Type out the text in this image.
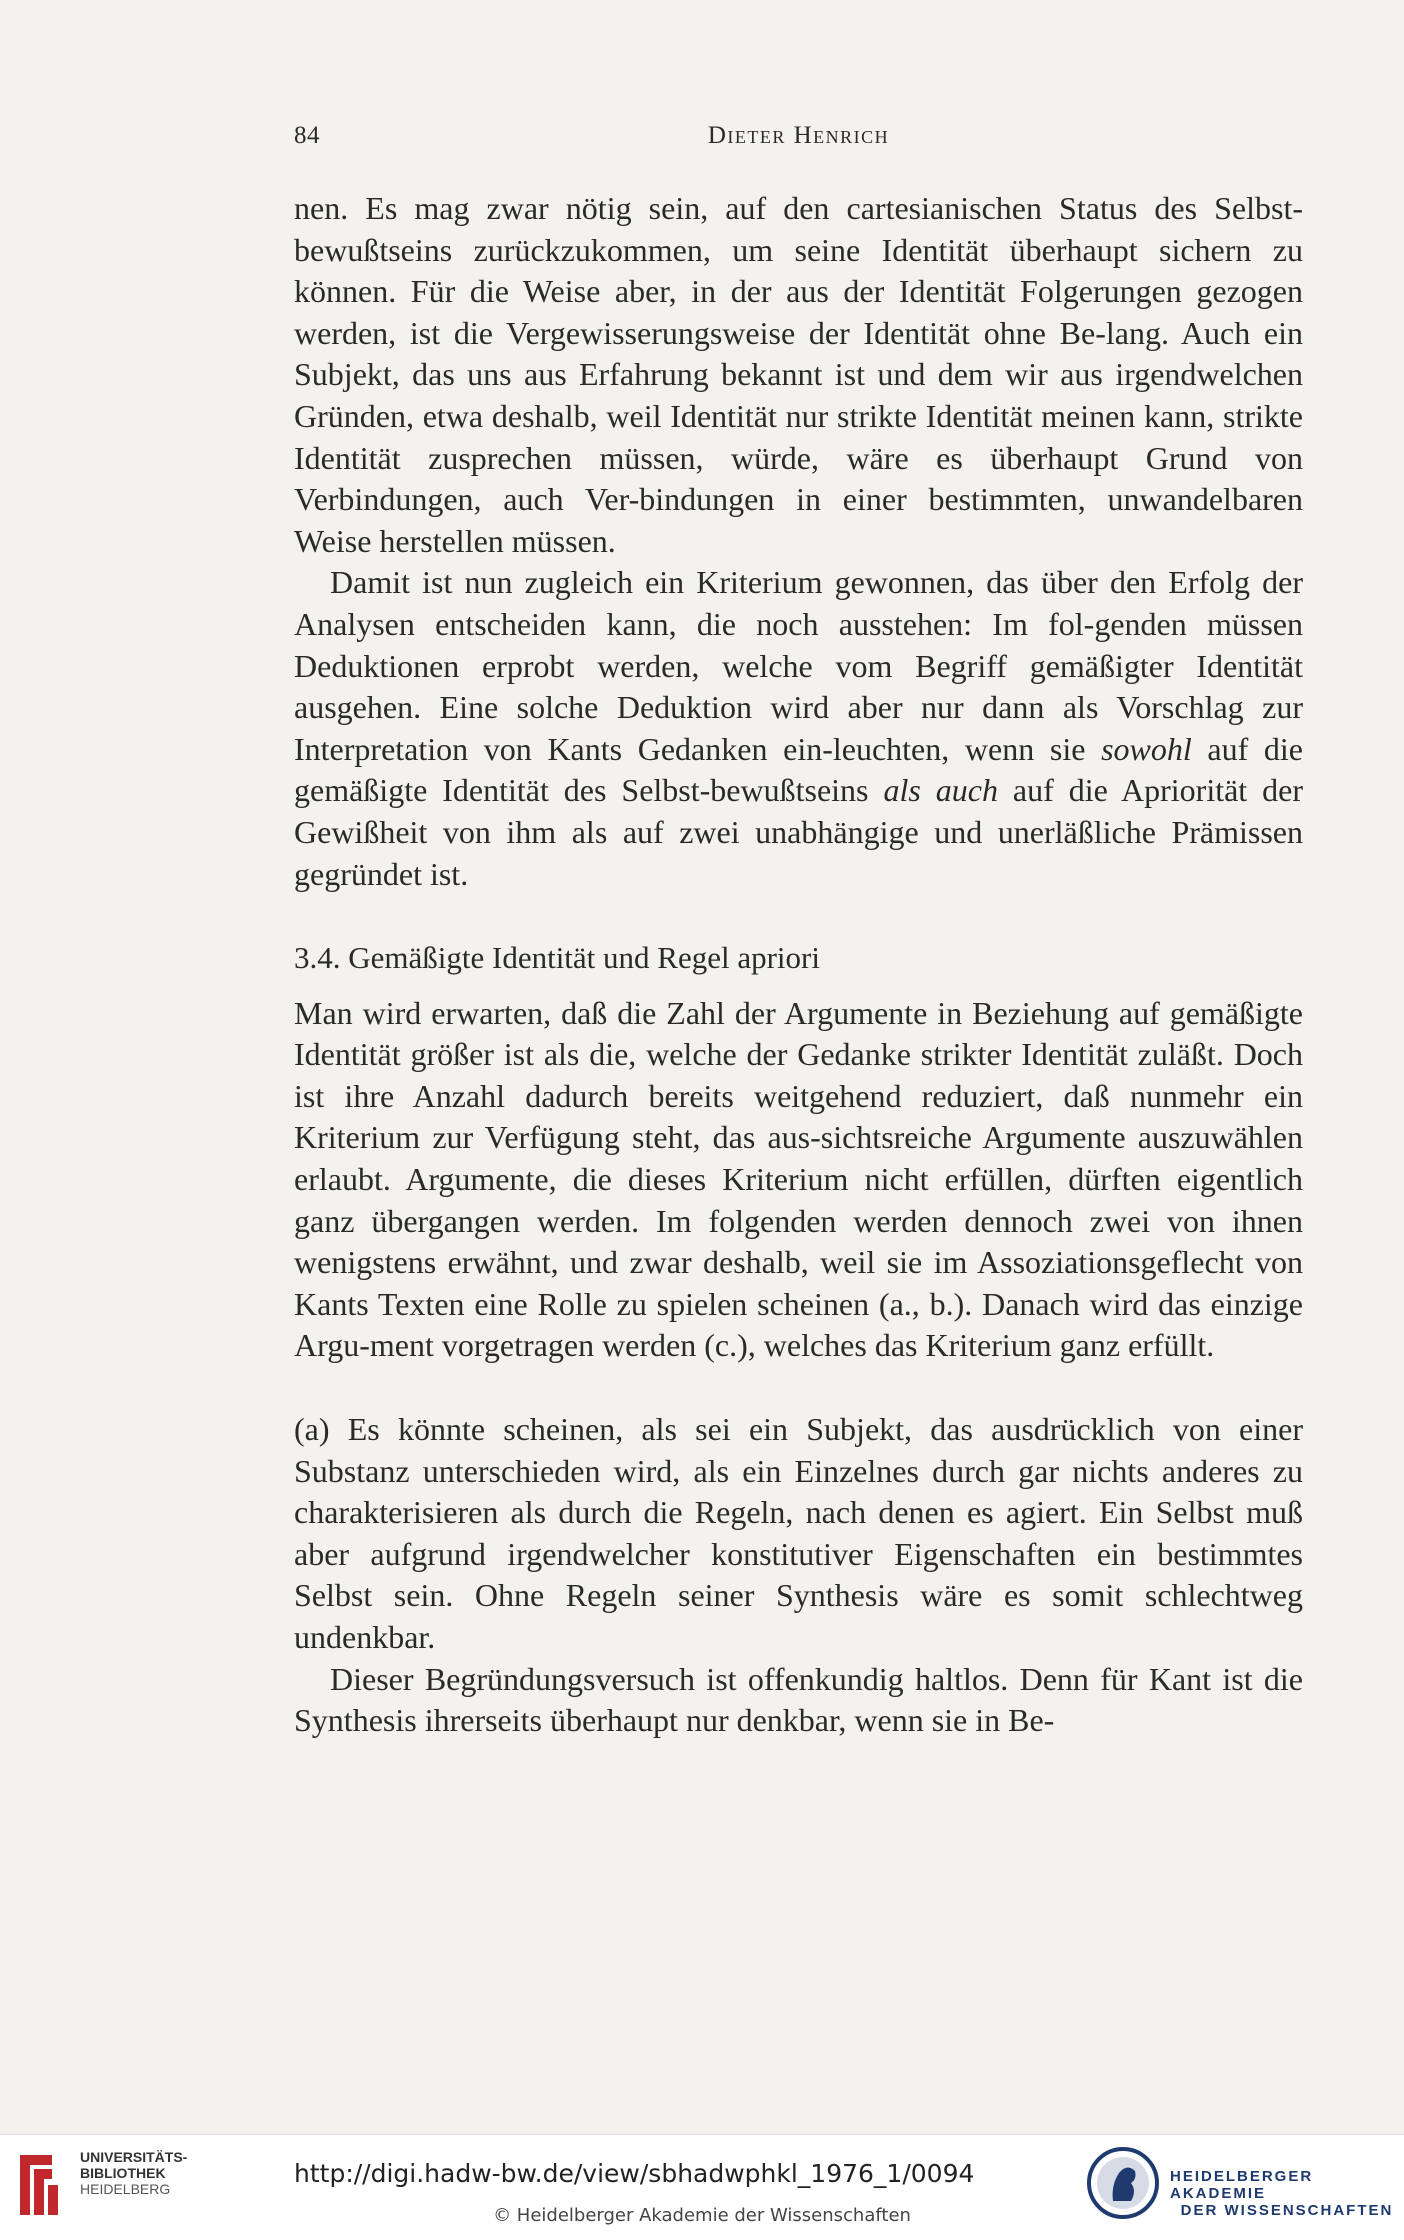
84	Dieter Henrich

nen. Es mag zwar nötig sein, auf den cartesianischen Status des Selbst-bewußtseins zurückzukommen, um seine Identität überhaupt sichern zu können. Für die Weise aber, in der aus der Identität Folgerungen gezogen werden, ist die Vergewisserungsweise der Identität ohne Be-lang. Auch ein Subjekt, das uns aus Erfahrung bekannt ist und dem wir aus irgendwelchen Gründen, etwa deshalb, weil Identität nur strikte Identität meinen kann, strikte Identität zusprechen müssen, würde, wäre es überhaupt Grund von Verbindungen, auch Ver-bindungen in einer bestimmten, unwandelbaren Weise herstellen müssen.

Damit ist nun zugleich ein Kriterium gewonnen, das über den Erfolg der Analysen entscheiden kann, die noch ausstehen: Im fol-genden müssen Deduktionen erprobt werden, welche vom Begriff gemäßigter Identität ausgehen. Eine solche Deduktion wird aber nur dann als Vorschlag zur Interpretation von Kants Gedanken ein-leuchten, wenn sie sowohl auf die gemäßigte Identität des Selbst-bewußtseins als auch auf die Apriorität der Gewißheit von ihm als auf zwei unabhängige und unerläßliche Prämissen gegründet ist.

3.4. Gemäßigte Identität und Regel apriori

Man wird erwarten, daß die Zahl der Argumente in Beziehung auf gemäßigte Identität größer ist als die, welche der Gedanke strikter Identität zuläßt. Doch ist ihre Anzahl dadurch bereits weitgehend reduziert, daß nunmehr ein Kriterium zur Verfügung steht, das aus-sichtsreiche Argumente auszuwählen erlaubt. Argumente, die dieses Kriterium nicht erfüllen, dürften eigentlich ganz übergangen werden. Im folgenden werden dennoch zwei von ihnen wenigstens erwähnt, und zwar deshalb, weil sie im Assoziationsgeflecht von Kants Texten eine Rolle zu spielen scheinen (a., b.). Danach wird das einzige Argu-ment vorgetragen werden (c.), welches das Kriterium ganz erfüllt.

(a) Es könnte scheinen, als sei ein Subjekt, das ausdrücklich von einer Substanz unterschieden wird, als ein Einzelnes durch gar nichts anderes zu charakterisieren als durch die Regeln, nach denen es agiert. Ein Selbst muß aber aufgrund irgendwelcher konstitutiver Eigenschaften ein bestimmtes Selbst sein. Ohne Regeln seiner Synthesis wäre es somit schlechtweg undenkbar.

Dieser Begründungsversuch ist offenkundig haltlos. Denn für Kant ist die Synthesis ihrerseits überhaupt nur denkbar, wenn sie in Be-

UNIVERSITÄTS-
BIBLIOTHEK
HEIDELBERG
http://digi.hadw-bw.de/view/sbhadwphkl_1976_1/0094
© Heidelberger Akademie der Wissenschaften
HEIDELBERGER AKADEMIE
DER WISSENSCHAFTEN
